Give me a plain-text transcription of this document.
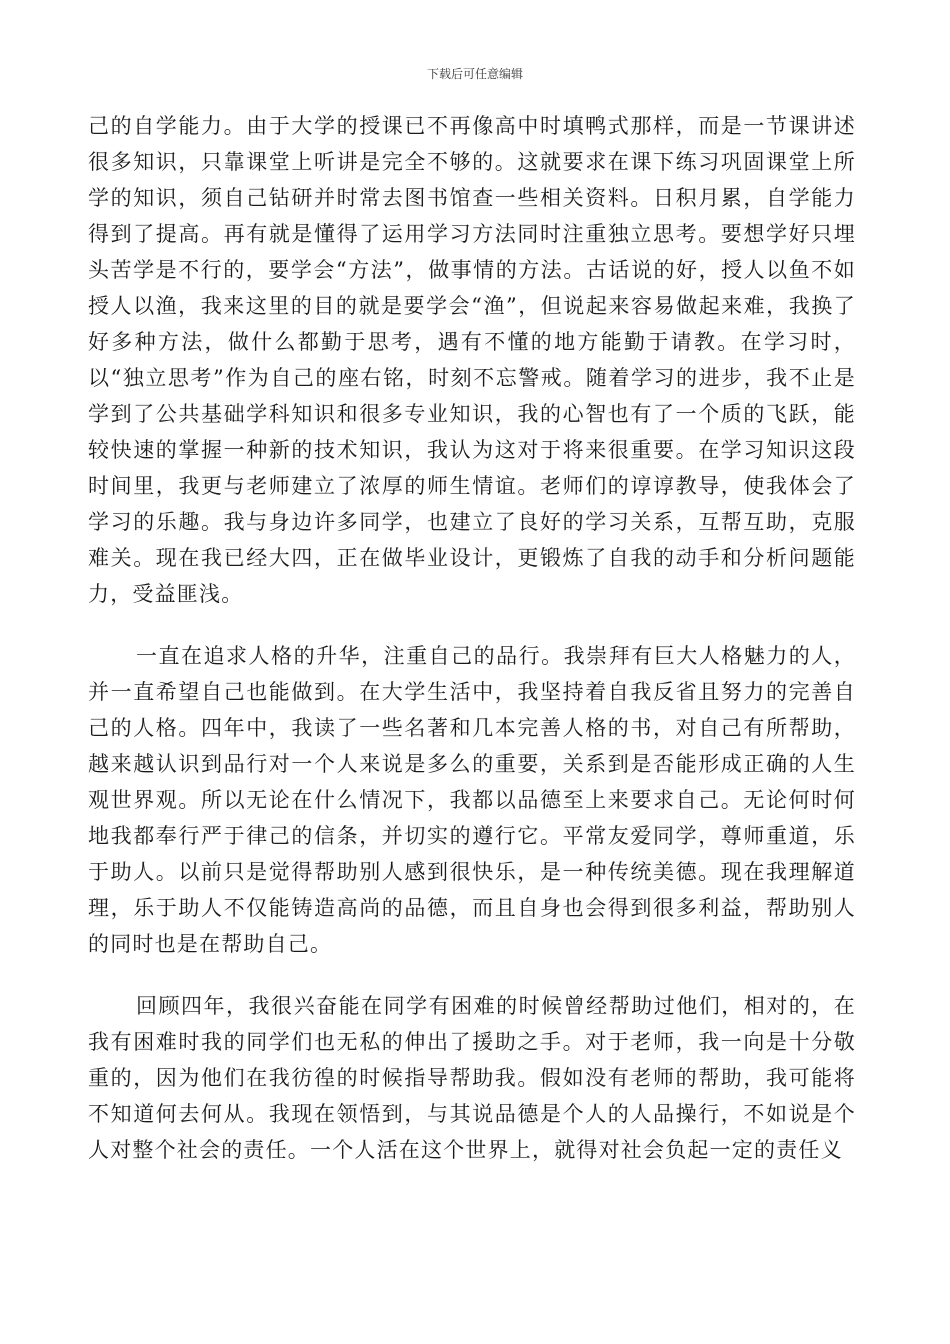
下载后可任意编辑

己的自学能力。由于大学的授课已不再像高中时填鸭式那样，而是一节课讲述很多知识，只靠课堂上听讲是完全不够的。这就要求在课下练习巩固课堂上所学的知识，须自己钻研并时常去图书馆查一些相关资料。日积月累，自学能力得到了提高。再有就是懂得了运用学习方法同时注重独立思考。要想学好只埋头苦学是不行的，要学会“方法”，做事情的方法。古话说的好，授人以鱼不如授人以渔，我来这里的目的就是要学会“渔”，但说起来容易做起来难，我换了好多种方法，做什么都勤于思考，遇有不懂的地方能勤于请教。在学习时，以“独立思考”作为自己的座右铭，时刻不忘警戒。随着学习的进步，我不止是学到了公共基础学科知识和很多专业知识，我的心智也有了一个质的飞跃，能较快速的掌握一种新的技术知识，我认为这对于将来很重要。在学习知识这段时间里，我更与老师建立了浓厚的师生情谊。老师们的谆谆教导，使我体会了学习的乐趣。我与身边许多同学，也建立了良好的学习关系，互帮互助，克服难关。现在我已经大四，正在做毕业设计，更锻炼了自我的动手和分析问题能力，受益匪浅。

一直在追求人格的升华，注重自己的品行。我崇拜有巨大人格魅力的人，并一直希望自己也能做到。在大学生活中，我坚持着自我反省且努力的完善自己的人格。四年中，我读了一些名著和几本完善人格的书，对自己有所帮助，越来越认识到品行对一个人来说是多么的重要，关系到是否能形成正确的人生观世界观。所以无论在什么情况下，我都以品德至上来要求自己。无论何时何地我都奉行严于律己的信条，并切实的遵行它。平常友爱同学，尊师重道，乐于助人。以前只是觉得帮助别人感到很快乐，是一种传统美德。现在我理解道理，乐于助人不仅能铸造高尚的品德，而且自身也会得到很多利益，帮助别人的同时也是在帮助自己。

回顾四年，我很兴奋能在同学有困难的时候曾经帮助过他们，相对的，在我有困难时我的同学们也无私的伸出了援助之手。对于老师，我一向是十分敬重的，因为他们在我彷徨的时候指导帮助我。假如没有老师的帮助，我可能将不知道何去何从。我现在领悟到，与其说品德是个人的人品操行，不如说是个人对整个社会的责任。一个人活在这个世界上，就得对社会负起一定的责任义
